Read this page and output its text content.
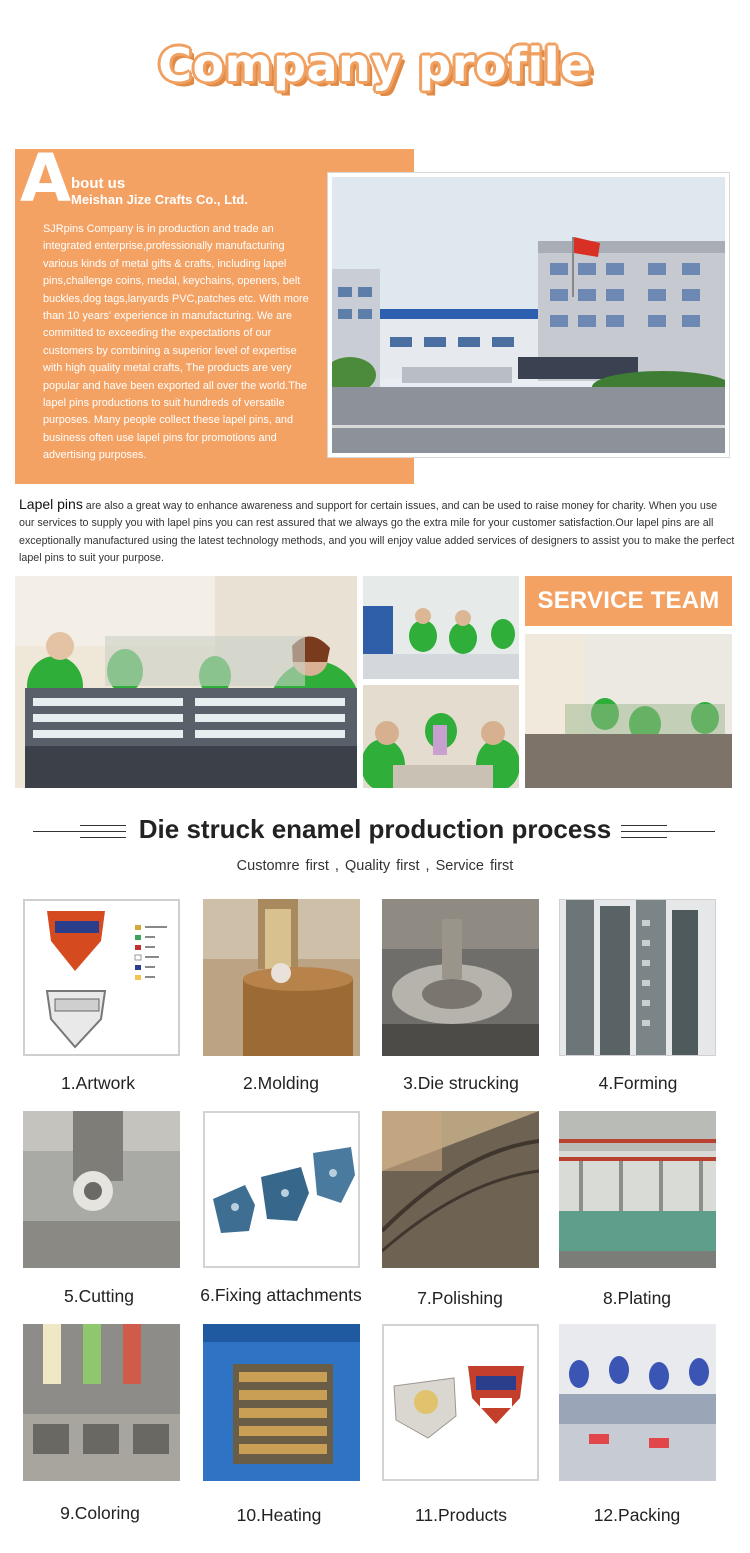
Company profile
A bout us
Meishan Jize Crafts Co., Ltd.

SJRpins Company is in production and trade an integrated enterprise,professionally manufacturing various kinds of metal gifts & crafts, including lapel pins,challenge coins, medal, keychains, openers, belt buckles,dog tags,lanyards PVC,patches etc. With more than 10 years' experience in manufacturing. We are committed to exceeding the expectations of our customers by combining a superior level of expertise with high quality metal crafts, The products are very popular and have been exported all over the world.The lapel pins productions to suit hundreds of versatile purposes. Many people collect these lapel pins, and business often use lapel pins for promotions and advertising purposes.

Lapel pins are also a great way to enhance awareness and support for certain issues, and can be used to raise money for charity. When you use our services to supply you with lapel pins you can rest assured that we always go the extra mile for your customer satisfaction.Our lapel pins are all exceptionally manufactured using the latest technology methods, and you will enjoy value added services of designers to assist you to make the perfect lapel pins to suit your purpose.

SERVICE TEAM
Die struck enamel production process
Customre first , Quality first , Service first
1.Artwork	2.Molding	3.Die strucking	4.Forming
5.Cutting	6.Fixing attachments	7.Polishing	8.Plating
9.Coloring	10.Heating	11.Products	12.Packing
